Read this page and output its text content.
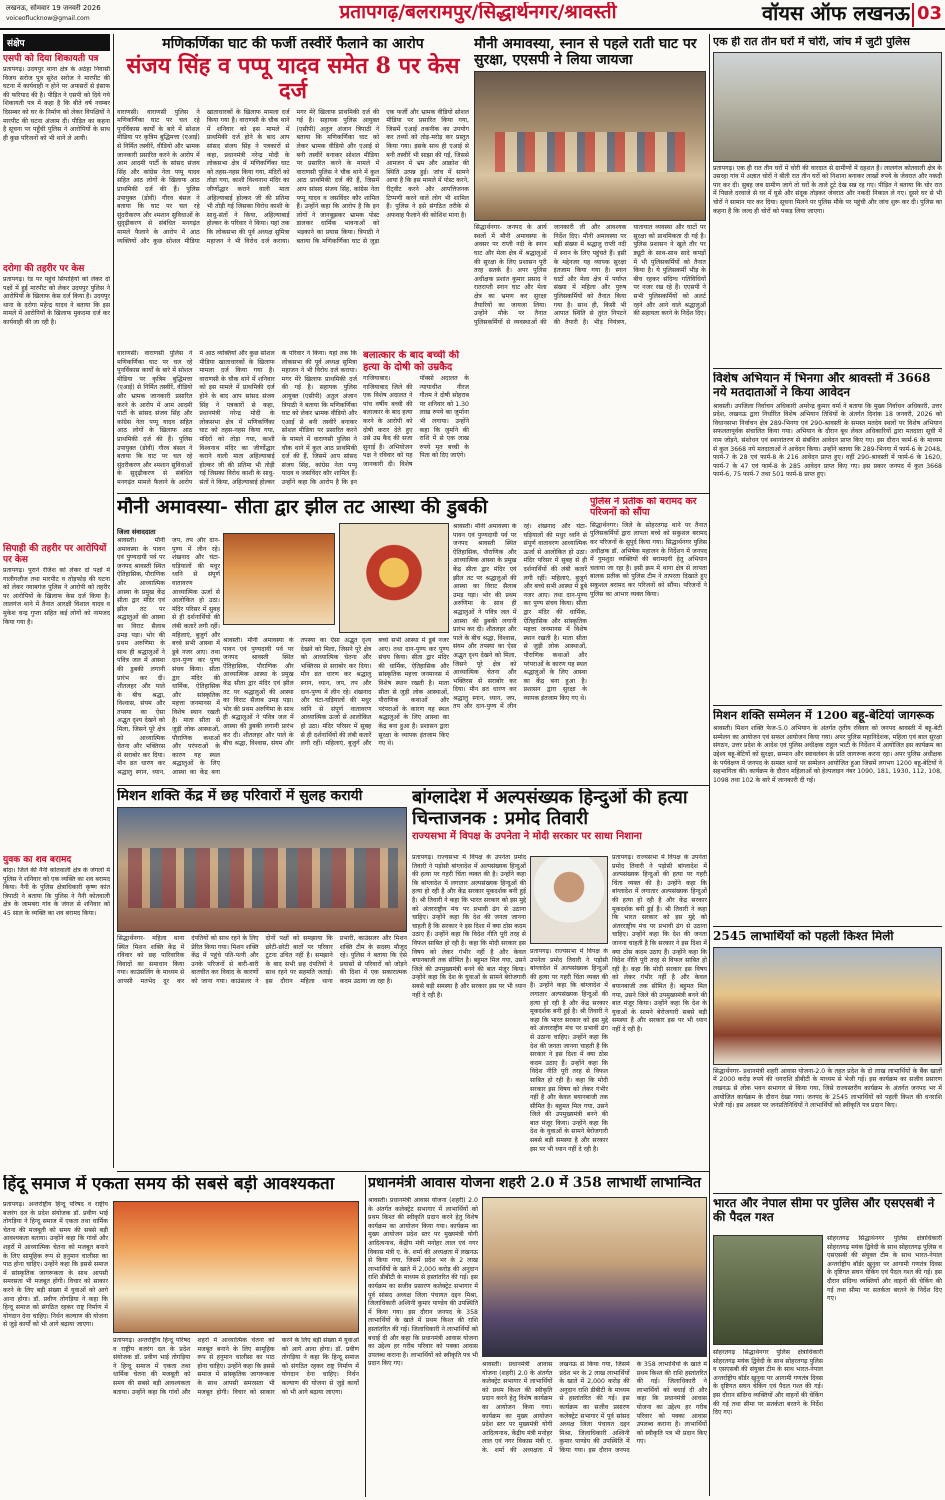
लखनऊ, सोमवार 19 जनवरी 2026
voiceoflucknow@gmail.com	प्रतापगढ़/बलरामपुर/सिद्धार्थनगर/श्रावस्ती	वॉयस ऑफ लखनऊ 03
संक्षेप
एसपी को दिया शिकायती पत्र
प्रतापगढ़। उदयपुर थाना क्षेत्र के अठेहा निवासी विजय सरोज पुत्र सुरेश सरोज ने मारपीट की घटना में कार्यवाही न होने पर अफसरों से इंसाफ की फरियाद की है। पीड़ित ने एसपी को दिये गये शिकायती पत्र में कहा है कि बीते वर्ष नवम्बर दिसम्बर को घर के निर्माण को लेकर विपक्षियों ने मारपीट की घटना अंजाम दी। पीड़ित का कहना है सूचना पर पहुँची पुलिस ने आरोपियों के साथ ही कुछ परिजनों को भी थाने ले आयी।
दरोगा की तहरीर पर केस
प्रतापगढ़। रेड पर पहुंचे सिपाहियों को लेकर दो पक्षों में हुई मारपीट को लेकर उदयपुर पुलिस ने आरोपियों के खिलाफ केस दर्ज किया है। उदयपुर थाना के दरोगा महेन्द्र यादव ने बताया कि इस मामले में आरोपियों के खिलाफ मुकदमा दर्ज कर कार्यवाही की जा रही है।
सिपाही की तहरीर पर आरोपियों पर केस
प्रतापगढ़। पुराने रंजिश को लेकर दो पक्षों में गालीगलौज तथा मारपीट व तोड़फोड़ की घटना को लेकर नवाबगंज पुलिस ने आरोपी को तहरीर पर आरोपियों के खिलाफ केस दर्ज किया है। लालगंज थाने में तैनात आरक्षी विशाल यादव व मुकेश चन्द्र गुप्ता सहित कई लोगों को नामजद किया गया है।
युवक का शव बरामद
बांदा। जिले की नैनी कोतवाली क्षेत्र के जंगलों में पुलिस ने शनिवार को एक व्यक्ति का शव बरामद किया। नैनी के पुलिस क्षेत्राधिकारी कृष्ण कांत त्रिपाठी ने बताया कि पुलिस ने नैनी कोतवाली क्षेत्र के जामबरा गांव के जंगल से शनिवार को 45 साल के व्यक्ति का शव बरामद किया।
मणिकर्णिका घाट की फर्जी तस्वीरें फैलाने का आरोप
संजय सिंह व पप्पू यादव समेत 8 पर केस दर्ज
वाराणसी। वाराणसी पुलिस ने मणिकर्णिका घाट पर चल रहे पुनर्विकास कार्यों के बारे में सोशल मीडिया पर कृत्रिम बुद्धिमत्ता (एआई) से निर्मित तस्वीरें, वीडियो और भ्रामक जानकारी प्रसारित करने के आरोप में आम आदमी पार्टी के सांसद संजय सिंह और कांग्रेस नेता पप्पू यादव सहित आठ लोगों के खिलाफ आठ प्राथमिकी दर्ज की हैं। पुलिस उपायुक्त (डोवी) गौरव बंसल ने बताया कि घाट पर चल रहे सुंदरीकरण और श्मशान सुविधाओं के सुदृढ़ीकरण से संबंधित मनगढ़ंत मामले फैलाने के आरोप में आठ व्यक्तियों और कुछ सोशल मीडिया खाताधारकों के खिलाफ मामला दर्ज किया गया है। वाराणसी के चौक थाने में शनिवार को इस मामले में प्राथमिकी दर्ज होने के बाद आप सांसद संजय सिंह ने पत्रकारों से कहा, प्रधानमंत्री नरेन्द्र मोदी के लोकसभा क्षेत्र में मणिकर्णिका घाट को तहस-नहस किया गया, मंदिरों को तोड़ा गया, काशी विश्वनाथ मंदिर का जीर्णोद्धार कराने वाली माता अहिल्याबाई होल्कर जी की प्रतिमा भी तोड़ी गई जिसका विरोध काशी के साधु-संतों ने किया, अहिल्याबाई होल्कर के परिवार ने किया। यहां तक कि लोकसभा की पूर्व अध्यक्ष सुमित्रा महाजन ने भी विरोध दर्ज कराया। मगर मेरे खिलाफ प्राथमिकी दर्ज की गई है। सहायक पुलिस आयुक्त (एसीपी) अतुल अंजान त्रिपाठी ने बताया कि मणिकर्णिका घाट को लेकर भ्रामक वीडियो और एआई से बनी तस्वीरें बनाकर सोशल मीडिया पर प्रसारित करने के मामले में वाराणसी पुलिस ने चौक थाने में कुल आठ प्राथमिकी दर्ज की हैं, जिसमें आप सांसद संजय सिंह, कांग्रेस नेता पप्पू यादव व जसविंदर कौर शामिल हैं। उन्होंने कहा कि आरोप है कि इन लोगों ने जानबूझकर भ्रामक पोस्ट डालकर धार्मिक भावनाओं को भड़काने का प्रयास किया। त्रिपाठी ने बताया कि मणिकर्णिका घाट से जुड़ा एक फर्जी और भ्रामक वीडियो सोशल मीडिया पर प्रसारित किया गया, जिसमें एआई तकनीक का उपयोग कर तथ्यों को तोड़-मरोड़ कर प्रस्तुत किया गया। इसके साथ ही एआई से बनी तस्वीरें भी साझा की गईं, जिससे आमजन में भ्रम और आक्रोश की स्थिति उत्पन्न हुई। जांच में सामने आया है कि इस मामले में पोस्ट करने, रीट्वीट करने और आपत्तिजनक टिप्पणी करने वाले लोग भी शामिल हैं। पुलिस ने इसे संगठित तरीके से अफवाह फैलाने की कोशिश माना है।
मौनी अमावस्या, स्नान से पहले राती घाट पर सुरक्षा, एएसपी ने लिया जायजा
सिद्धार्थनगर- जनपद के आर्य स्थलों में मौनी अमावस्या के अवसर पर राप्ती नदी के स्नान घाट और मेला क्षेत्र में श्रद्धालुओं की सुरक्षा के लिए प्रशासन पूरी तरह सतर्क है। अपर पुलिस अधीक्षक प्रशांत कुमार प्रसाद ने रातराप्ती स्नान घाट और मेला क्षेत्र का भ्रमण कर सुरक्षा तैयारियों का जायजा लिया। उन्होंने मौके पर तैनात पुलिसकर्मियों से व्यवस्थाओं की जानकारी ली और आवश्यक निर्देश दिए। मौनी अमावस्या पर बड़ी संख्या में श्रद्धालु राप्ती नदी में स्नान के लिए पहुंचते हैं। इसी के मद्देनजर यह व्यापक सुरक्षा इंतजाम किया गया है। स्नान घाटों और मेला क्षेत्र में पर्याप्त संख्या में महिला और पुरुष पुलिसकर्मियों को तैनात किया गया है। साथ ही, किसी भी आपात स्थिति से तुरंत निपटने की तैयारी है। भीड़ नियंत्रण, यातायात व्यवस्था और घाटों पर सुरक्षा को प्राथमिकता दी गई है। पुलिस प्रशासन ने खुले तौर पर ड्यूटी के साथ-साथ सादे कपड़ों में भी पुलिसकर्मियों को तैनात किया है। ये पुलिसकर्मी भीड़ के बीच रहकर संदिग्ध गतिविधियों पर नजर रख रहे हैं। एएसपी ने सभी पुलिसकर्मियों को अलर्ट रहने और आने वाले श्रद्धालुओं की सहायता करने के निर्देश दिए।
बलात्कार के बाद बच्ची की हत्या के दोषी को उम्रकैद
गाजियाबाद। गाजियाबाद जिले की एक विशेष अदालत ने पांच वर्षीय बच्ची की बलात्कार के बाद हत्या करने के आरोपी को दोषी करार देते हुए उसे उम्र कैद की सजा सुनाई है। अभियोजन पक्ष ने रविवार को यह जानकारी दी। विशेष पॉक्सो अदालत के न्यायाधीश नीरज गौतम ने दोषी सोहराब पर शनिवार को 1.30 लाख रुपये का जुर्माना भी लगाया। उन्होंने कहा कि जुर्माने की राशि में से एक लाख रुपये मृत बच्ची के पिता को दिए जाएंगे।
वाराणसी। वाराणसी पुलिस ने मणिकर्णिका घाट पर चल रहे पुनर्विकास कार्यों के बारे में सोशल मीडिया पर कृत्रिम बुद्धिमत्ता (एआई) से निर्मित तस्वीरें, वीडियो और भ्रामक जानकारी प्रसारित करने के आरोप में आम आदमी पार्टी के सांसद संजय सिंह और कांग्रेस नेता पप्पू यादव सहित आठ लोगों के खिलाफ आठ प्राथमिकी दर्ज की हैं। पुलिस उपायुक्त (डोवी) गौरव बंसल ने बताया कि घाट पर चल रहे सुंदरीकरण और श्मशान सुविधाओं के सुदृढ़ीकरण से संबंधित मनगढ़ंत मामले फैलाने के आरोप में आठ व्यक्तियों और कुछ सोशल मीडिया खाताधारकों के खिलाफ मामला दर्ज किया गया है। वाराणसी के चौक थाने में शनिवार को इस मामले में प्राथमिकी दर्ज होने के बाद आप सांसद संजय सिंह ने पत्रकारों से कहा, प्रधानमंत्री नरेन्द्र मोदी के लोकसभा क्षेत्र में मणिकर्णिका घाट को तहस-नहस किया गया, मंदिरों को तोड़ा गया, काशी विश्वनाथ मंदिर का जीर्णोद्धार कराने वाली माता अहिल्याबाई होल्कर जी की प्रतिमा भी तोड़ी गई जिसका विरोध काशी के साधु-संतों ने किया, अहिल्याबाई होल्कर के परिवार ने किया। यहां तक कि लोकसभा की पूर्व अध्यक्ष सुमित्रा महाजन ने भी विरोध दर्ज कराया। मगर मेरे खिलाफ प्राथमिकी दर्ज की गई है। सहायक पुलिस आयुक्त (एसीपी) अतुल अंजान त्रिपाठी ने बताया कि मणिकर्णिका घाट को लेकर भ्रामक वीडियो और एआई से बनी तस्वीरें बनाकर सोशल मीडिया पर प्रसारित करने के मामले में वाराणसी पुलिस ने चौक थाने में कुल आठ प्राथमिकी दर्ज की हैं, जिसमें आप सांसद संजय सिंह, कांग्रेस नेता पप्पू यादव व जसविंदर कौर शामिल हैं। उन्होंने कहा कि आरोप है कि इन
मौनी अमावस्या- सीता द्वार झील तट आस्था की डुबकी
जिला संवाददाता
श्रावस्ती। मौनी अमावस्या के पावन एवं पुण्यदायी पर्व पर जनपद श्रावस्ती स्थित ऐतिहासिक, पौराणिक और आध्यात्मिक आस्था के प्रमुख केंद्र सीता द्वार मंदिर एवं झील तट पर श्रद्धालुओं की आस्था का विराट सैलाब उमड़ पड़ा। भोर की प्रथम अरुणिमा के साथ ही श्रद्धालुओं ने पवित्र जल में आस्था की डुबकी लगानी प्रारंभ कर दी। शीतलहर और पाले के बीच श्रद्धा, विश्वास, संयम और तपस्या का ऐसा अद्भुत दृश्य देखने को मिला, जिसने पूरे क्षेत्र को आध्यात्मिक चेतना और भक्तिरस से सराबोर कर दिया। मौन व्रत धारण कर श्रद्धालु स्नान, ध्यान, जप, तप और दान-पुण्य में लीन रहे। शंखनाद और घंटा-घड़ियालों की मधुर ध्वनि से संपूर्ण वातावरण आध्यात्मिक ऊर्जा से आलोकित हो उठा। मंदिर परिसर में सुबह से ही दर्शनार्थियों की लंबी कतारें लगी रहीं। महिलाएं, बुजुर्ग और बच्चे सभी आस्था में डूबे नजर आए। तथा दान-पुण्य कर पुण्य संचय किया। सीता द्वार मंदिर की धार्मिक, ऐतिहासिक और सांस्कृतिक महत्ता जनमानस में विशेष स्थान रखती है। माता सीता से जुड़ी लोक आस्थाओं, पौराणिक कथाओं और परंपराओं के कारण यह स्थल श्रद्धालुओं के लिए आस्था का केंद्र बना
श्रावस्ती। मौनी अमावस्या के पावन एवं पुण्यदायी पर्व पर जनपद श्रावस्ती स्थित ऐतिहासिक, पौराणिक और आध्यात्मिक आस्था के प्रमुख केंद्र सीता द्वार मंदिर एवं झील तट पर श्रद्धालुओं की आस्था का विराट सैलाब उमड़ पड़ा। भोर की प्रथम अरुणिमा के साथ ही श्रद्धालुओं ने पवित्र जल में आस्था की डुबकी लगानी प्रारंभ कर दी। शीतलहर और पाले के बीच श्रद्धा, विश्वास, संयम और तपस्या का ऐसा अद्भुत दृश्य देखने को मिला, जिसने पूरे क्षेत्र को आध्यात्मिक चेतना और भक्तिरस से सराबोर कर दिया। मौन व्रत धारण कर श्रद्धालु स्नान, ध्यान, जप, तप और दान-पुण्य में लीन रहे। शंखनाद और घंटा-घड़ियालों की मधुर ध्वनि से संपूर्ण वातावरण आध्यात्मिक ऊर्जा से आलोकित हो उठा। मंदिर परिसर में सुबह से ही दर्शनार्थियों की लंबी कतारें लगी रहीं। महिलाएं, बुजुर्ग और बच्चे सभी आस्था में डूबे नजर आए। तथा दान-पुण्य कर पुण्य संचय किया। सीता द्वार मंदिर की धार्मिक, ऐतिहासिक और सांस्कृतिक महत्ता जनमानस में विशेष स्थान रखती है। माता सीता से जुड़ी लोक आस्थाओं, पौराणिक कथाओं और परंपराओं के कारण यह स्थल श्रद्धालुओं के लिए आस्था का केंद्र बना हुआ है। प्रशासन द्वारा सुरक्षा के व्यापक इंतजाम किए गए थे।
श्रावस्ती। मौनी अमावस्या के पावन एवं पुण्यदायी पर्व पर जनपद श्रावस्ती स्थित ऐतिहासिक, पौराणिक और आध्यात्मिक आस्था के प्रमुख केंद्र सीता द्वार मंदिर एवं झील तट पर श्रद्धालुओं की आस्था का विराट सैलाब उमड़ पड़ा। भोर की प्रथम अरुणिमा के साथ ही श्रद्धालुओं ने पवित्र जल में आस्था की डुबकी लगानी प्रारंभ कर दी। शीतलहर और पाले के बीच श्रद्धा, विश्वास, संयम और तपस्या का ऐसा अद्भुत दृश्य देखने को मिला, जिसने पूरे क्षेत्र को आध्यात्मिक चेतना और भक्तिरस से सराबोर कर दिया। मौन व्रत धारण कर श्रद्धालु स्नान, ध्यान, जप, तप और दान-पुण्य में लीन रहे। शंखनाद और घंटा-घड़ियालों की मधुर ध्वनि से संपूर्ण वातावरण आध्यात्मिक ऊर्जा से आलोकित हो उठा। मंदिर परिसर में सुबह से ही दर्शनार्थियों की लंबी कतारें लगी रहीं। महिलाएं, बुजुर्ग और बच्चे सभी आस्था में डूबे नजर आए। तथा दान-पुण्य कर पुण्य संचय किया। सीता द्वार मंदिर की धार्मिक, ऐतिहासिक और सांस्कृतिक महत्ता जनमानस में विशेष स्थान रखती है। माता सीता से जुड़ी लोक आस्थाओं, पौराणिक कथाओं और परंपराओं के कारण यह स्थल श्रद्धालुओं के लिए आस्था का केंद्र बना हुआ है। प्रशासन द्वारा सुरक्षा के व्यापक इंतजाम किए गए थे।
पुलिस ने प्रतीक को बरामद कर परिजनों को सौंपा
सिद्धार्थनगर। जिले के सोहरतगढ़ थाने पर तैनात पुलिसकर्मियों द्वारा लापता बच्चे को सकुशल बरामद कर परिजनों के सुपुर्द किया गया। सिद्धार्थनगर पुलिस अधीक्षक डॉ. अभिषेक महाजन के निर्देशन में जनपद में गुमशुदा व्यक्तियों की बरामदगी हेतु अभियान चलाया जा रहा है। इसी क्रम में थाना क्षेत्र से लापता बालक प्रतीक को पुलिस टीम ने तत्परता दिखाते हुए सकुशल बरामद कर परिजनों को सौंपा। परिजनों ने पुलिस का आभार व्यक्त किया।
मिशन शक्ति केंद्र में छह परिवारों में सुलह करायी
सिद्धार्थनगर- महिला थाना स्थित मिशन शक्ति केंद्र में रविवार को छह पारिवारिक विवादों का समाधान किया गया। काउंसलिंग के माध्यम से आपसी मतभेद दूर कर दंपतियों को साथ रहने के लिए प्रेरित किया गया। मिशन शक्ति केंद्र में पहुंचे पति-पत्नी और उनके परिजनों से बारी-बारी बातचीत कर विवाद के कारणों को जाना गया। काउंसलर ने दोनों पक्षों को समझाया कि छोटी-छोटी बातों पर परिवार टूटना उचित नहीं है। समझाने के बाद सभी छह दंपतियों ने साथ रहने पर सहमति जताई। इस दौरान महिला थाना प्रभारी, काउंसलर और मिशन शक्ति टीम के सदस्य मौजूद रहे। पुलिस ने बताया कि ऐसे प्रयासों से परिवारों को जोड़ने की दिशा में एक सकारात्मक कदम उठाया जा रहा है।
बांग्लादेश में अल्पसंख्यक हिन्दुओं की हत्या चिन्ताजनक : प्रमोद तिवारी
राज्यसभा में विपक्ष के उपनेता ने मोदी सरकार पर साधा निशाना
प्रतापगढ़। राज्यसभा में विपक्ष के उपनेता प्रमोद तिवारी ने पड़ोसी बांग्लादेश में अल्पसंख्यक हिन्दुओं की हत्या पर गहरी चिंता व्यक्त की है। उन्होंने कहा कि बांग्लादेश में लगातार अल्पसंख्यक हिन्दुओं की हत्या हो रही है और केंद्र सरकार मूकदर्शक बनी हुई है। श्री तिवारी ने कहा कि भारत सरकार को इस मुद्दे को अंतरराष्ट्रीय मंच पर प्रभावी ढंग से उठाना चाहिए। उन्होंने कहा कि देश की जनता जानना चाहती है कि सरकार ने इस दिशा में क्या ठोस कदम उठाए हैं। उन्होंने कहा कि विदेश नीति पूरी तरह से विफल साबित हो रही है। कहा कि मोदी सरकार इस विषय को लेकर गंभीर नहीं है और केवल बयानबाजी तक सीमित है। बहुमत मिल गया, उसने जिले की उपमुख्यमंत्री बनने की बात मंजूर किया। उन्होंने कहा कि देश के युवाओं के सामने बेरोजगारी सबसे बड़ी समस्या है और सरकार इस पर भी ध्यान नहीं दे रही है।
प्रतापगढ़। राज्यसभा में विपक्ष के उपनेता प्रमोद तिवारी ने पड़ोसी बांग्लादेश में अल्पसंख्यक हिन्दुओं की हत्या पर गहरी चिंता व्यक्त की है। उन्होंने कहा कि बांग्लादेश में लगातार अल्पसंख्यक हिन्दुओं की हत्या हो रही है और केंद्र सरकार मूकदर्शक बनी हुई है। श्री तिवारी ने कहा कि भारत सरकार को इस मुद्दे को अंतरराष्ट्रीय मंच पर प्रभावी ढंग से उठाना चाहिए। उन्होंने कहा कि देश की जनता जानना चाहती है कि सरकार ने इस दिशा में क्या ठोस कदम उठाए हैं। उन्होंने कहा कि विदेश नीति पूरी तरह से विफल साबित हो रही है। कहा कि मोदी सरकार इस विषय को लेकर गंभीर नहीं है और केवल बयानबाजी तक सीमित है। बहुमत मिल गया, उसने जिले की उपमुख्यमंत्री बनने की बात मंजूर किया। उन्होंने कहा कि देश के युवाओं के सामने बेरोजगारी सबसे बड़ी समस्या है और सरकार इस पर भी ध्यान नहीं दे रही है।
प्रतापगढ़। राज्यसभा में विपक्ष के उपनेता प्रमोद तिवारी ने पड़ोसी बांग्लादेश में अल्पसंख्यक हिन्दुओं की हत्या पर गहरी चिंता व्यक्त की है। उन्होंने कहा कि बांग्लादेश में लगातार अल्पसंख्यक हिन्दुओं की हत्या हो रही है और केंद्र सरकार मूकदर्शक बनी हुई है। श्री तिवारी ने कहा कि भारत सरकार को इस मुद्दे को अंतरराष्ट्रीय मंच पर प्रभावी ढंग से उठाना चाहिए। उन्होंने कहा कि देश की जनता जानना चाहती है कि सरकार ने इस दिशा में क्या ठोस कदम उठाए हैं। उन्होंने कहा कि विदेश नीति पूरी तरह से विफल साबित हो रही है। कहा कि मोदी सरकार इस विषय को लेकर गंभीर नहीं है और केवल बयानबाजी तक सीमित है। बहुमत मिल गया, उसने जिले की उपमुख्यमंत्री बनने की बात मंजूर किया। उन्होंने कहा कि देश के युवाओं के सामने बेरोजगारी सबसे बड़ी समस्या है और सरकार इस पर भी ध्यान नहीं दे रही है।
हिंदू समाज में एकता समय की सबसे बड़ी आवश्यकता
प्रतापगढ़। अन्तर्राष्ट्रीय हिन्दू परिषद व राष्ट्रीय बजरंग दल के प्रदेश संयोजक डॉ. प्रवीण भाई तोगड़िया ने हिन्दू समाज में एकता तथा धार्मिक चेतना की मजबूती को समय की सबसे बड़ी आवश्यकता बताया। उन्होंने कहा कि गांवों और शहरों में आध्यात्मिक चेतना को मजबूत बनाने के लिए सामूहिक रूप से हनुमान चालीसा का पाठ होना चाहिए। उन्होंने कहा कि इससे समाज में सांस्कृतिक जागरूकता के साथ आपसी समरसता भी मजबूत होगी। विचार को साकार करने के लिए बड़ी संख्या में युवाओं को आगे आना होगा। डॉ. प्रवीण तोगड़िया ने कहा कि हिन्दू समाज को संगठित रहकर राष्ट्र निर्माण में योगदान देना चाहिए। निर्धन कल्याण की योजना से जुड़े कार्यों को भी आगे बढ़ाया जाएगा।
प्रतापगढ़। अन्तर्राष्ट्रीय हिन्दू परिषद व राष्ट्रीय बजरंग दल के प्रदेश संयोजक डॉ. प्रवीण भाई तोगड़िया ने हिन्दू समाज में एकता तथा धार्मिक चेतना की मजबूती को समय की सबसे बड़ी आवश्यकता बताया। उन्होंने कहा कि गांवों और शहरों में आध्यात्मिक चेतना को मजबूत बनाने के लिए सामूहिक रूप से हनुमान चालीसा का पाठ होना चाहिए। उन्होंने कहा कि इससे समाज में सांस्कृतिक जागरूकता के साथ आपसी समरसता भी मजबूत होगी। विचार को साकार करने के लिए बड़ी संख्या में युवाओं को आगे आना होगा। डॉ. प्रवीण तोगड़िया ने कहा कि हिन्दू समाज को संगठित रहकर राष्ट्र निर्माण में योगदान देना चाहिए। निर्धन कल्याण की योजना से जुड़े कार्यों को भी आगे बढ़ाया जाएगा।
प्रधानमंत्री आवास योजना शहरी 2.0 में 358 लाभार्थी लाभान्वित
श्रावस्ती। प्रधानमंत्री आवास योजना (शहरी) 2.0 के अंतर्गत कलेक्ट्रेट सभागार में लाभार्थियों को प्रथम किश्त की स्वीकृति प्रदान करने हेतु विशेष कार्यक्रम का आयोजन किया गया। कार्यक्रम का मुख्य आयोजन प्रदेश स्तर पर मुख्यमंत्री योगी आदित्यनाथ, केंद्रीय मंत्री मनोहर लाल एवं नगर विकास मंत्री ए. के. शर्मा की अध्यक्षता में लखनऊ से किया गया, जिसमें प्रदेश भर के 2 लाख लाभार्थियों के खाते में 2,000 करोड़ की अनुदान राशि डीबीटी के माध्यम से हस्तांतरित की गई। इस कार्यक्रम का सजीव प्रसारण कलेक्ट्रेट सभागार में पूर्व सांसद अध्यक्ष जिला पंचायत दद्दन मिश्रा, जिलाधिकारी अश्विनी कुमार पाण्डेय की उपस्थिति में किया गया। इस दौरान जनपद के 358 लाभार्थियों के खाते में प्रथम किश्त की राशि हस्तांतरित की गई। जिलाधिकारी ने लाभार्थियों को बधाई दी और कहा कि प्रधानमंत्री आवास योजना का उद्देश्य हर गरीब परिवार को पक्का आवास उपलब्ध कराना है। लाभार्थियों को स्वीकृति पत्र भी प्रदान किए गए।	श्रावस्ती। प्रधानमंत्री आवास योजना (शहरी) 2.0 के अंतर्गत कलेक्ट्रेट सभागार में लाभार्थियों को प्रथम किश्त की स्वीकृति प्रदान करने हेतु विशेष कार्यक्रम का आयोजन किया गया। कार्यक्रम का मुख्य आयोजन प्रदेश स्तर पर मुख्यमंत्री योगी आदित्यनाथ, केंद्रीय मंत्री मनोहर लाल एवं नगर विकास मंत्री ए. के. शर्मा की अध्यक्षता में लखनऊ से किया गया, जिसमें प्रदेश भर के 2 लाख लाभार्थियों के खाते में 2,000 करोड़ की अनुदान राशि डीबीटी के माध्यम से हस्तांतरित की गई। इस कार्यक्रम का सजीव प्रसारण कलेक्ट्रेट सभागार में पूर्व सांसद अध्यक्ष जिला पंचायत दद्दन मिश्रा, जिलाधिकारी अश्विनी कुमार पाण्डेय की उपस्थिति में किया गया। इस दौरान जनपद के 358 लाभार्थियों के खाते में प्रथम किश्त की राशि हस्तांतरित की गई। जिलाधिकारी ने लाभार्थियों को बधाई दी और कहा कि प्रधानमंत्री आवास योजना का उद्देश्य हर गरीब परिवार को पक्का आवास उपलब्ध कराना है। लाभार्थियों को स्वीकृति पत्र भी प्रदान किए गए।
एक ही रात तीन घरों में चोरी, जांच में जुटी पुलिस
प्रतापगढ़। एक ही रात तीन घरों में चोरी की वारदात से ग्रामीणों में दहशत है। लालगंज कोतवाली क्षेत्र के उसरहा गांव में अज्ञात चोरों ने बीती रात तीन घरों को निशाना बनाकर लाखों रुपये के जेवरात और नकदी पार कर दी। सुबह जब ग्रामीण जागे तो घरों के ताले टूटे देख सन्न रह गए। पीड़ित ने बताया कि चोर रात में पिछले दरवाजे से घर में घुसे और संदूक तोड़कर जेवरात और नकदी निकाल ले गए। दूसरे घर से भी चोरों ने सामान पार कर दिया। सूचना मिलने पर पुलिस मौके पर पहुंची और जांच शुरू कर दी। पुलिस का कहना है कि जल्द ही चोरों को पकड़ लिया जाएगा।
विशेष अभियान में भिनगा और श्रावस्ती में 3668 नये मतदाताओं ने किया आवेदन
श्रावस्ती। उपजिला निर्वाचन अधिकारी अमरेन्द्र कुमार वर्मा ने बताया कि मुख्य निर्वाचन अधिकारी, उत्तर प्रदेश, लखनऊ द्वारा निर्धारित विशेष अभियान तिथियों के अंतर्गत दिनांक 18 जनवरी, 2026 को विधानसभा निर्वाचन क्षेत्र 289-भिनगा एवं 290-श्रावस्ती के समस्त मतदेय स्थलों पर विशेष अभियान सफलतापूर्वक संचालित किया गया। अभियान के दौरान बूथ लेवल अधिकारियों द्वारा मतदाता सूची में नाम जोड़ने, संशोधन एवं स्थानांतरण से संबंधित आवेदन प्राप्त किए गए। इस दौरान फार्म-6 के माध्यम से कुल 3668 नये मतदाताओं ने आवेदन किया। उन्होंने बताया कि 289-भिनगा में फार्म-6 के 2048, फार्म-7 के 28 एवं फार्म-8 के 216 आवेदन प्राप्त हुए। वहीं 290-श्रावस्ती में फार्म-6 के 1620, फार्म-7 के 47 एवं फार्म-8 के 285 आवेदन प्राप्त किए गए। इस प्रकार जनपद में कुल 3668 फार्म-6, 75 फार्म-7 तथा 501 फार्म-8 प्राप्त हुए।
मिशन शक्ति सम्मेलन में 1200 बहू-बेटियां जागरूक
श्रावस्ती। मिशन शक्ति फेज-5.0 अभियान के अंतर्गत तृतीय रविवार को जनपद श्रावस्ती में बहू-बेटी सम्मेलन का आयोजन एवं सफल आयोजन किया गया। अपर पुलिस महानिदेशक, महिला एवं बाल सुरक्षा संगठन, उत्तर प्रदेश के आदेश एवं पुलिस अधीक्षक राहुल भाटी के निर्देशन में आयोजित इस कार्यक्रम का उद्देश्य बहू-बेटियों को सुरक्षा, सम्मान और स्वावलंबन के प्रति जागरूक करना रहा। अपर पुलिस अधीक्षक के पर्यवेक्षण में जनपद के समस्त थानों पर सम्मेलन आयोजित हुआ जिसमें लगभग 1200 बहू-बेटियों ने सहभागिता की। कार्यक्रम के दौरान महिलाओं को हेल्पलाइन नंबर 1090, 181, 1930, 112, 108, 1098 तथा 102 के बारे में जानकारी दी गई।
2545 लाभार्थियों को पहली किश्त मिली
सिद्धार्थनगर- प्रधानमंत्री शहरी आवास योजना-2.0 के तहत प्रदेश के दो लाख लाभार्थियों के बैंक खातों में 2000 करोड़ रुपये की धनराशि डीबीटी के माध्यम से भेजी गई। इस कार्यक्रम का सजीव प्रसारण लखनऊ से लोक भवन सभागार से किया गया, जिसे राज्यस्तरीय कार्यक्रम के अंतर्गत जनपद भर में आयोजित कार्यक्रम के दौरान देखा गया। जनपद के 2545 लाभार्थियों को पहली किश्त की धनराशि भेजी गई। इस अवसर पर जनप्रतिनिधियों ने लाभार्थियों को स्वीकृति पत्र प्रदान किए।
भारत और नेपाल सीमा पर पुलिस और एसएसबी ने की पैदल गश्त
सोहरतगढ़ सिद्धार्थनगर पुलिस क्षेत्राधिकारी सोहरतगढ़ मयंक द्विवेदी के साथ सोहरतगढ़ पुलिस व एसएसबी की संयुक्त टीम के साथ भारत-नेपाल अन्तर्राष्ट्रीय बॉर्डर खुनुवा पर आगामी गणतंत्र दिवस के दृष्टिगत सघन चेकिंग एवं पैदल गश्त की गई। इस दौरान संदिग्ध व्यक्तियों और वाहनों की चेकिंग की गई तथा सीमा पर सतर्कता बरतने के निर्देश दिए गए।
सोहरतगढ़ सिद्धार्थनगर पुलिस क्षेत्राधिकारी सोहरतगढ़ मयंक द्विवेदी के साथ सोहरतगढ़ पुलिस व एसएसबी की संयुक्त टीम के साथ भारत-नेपाल अन्तर्राष्ट्रीय बॉर्डर खुनुवा पर आगामी गणतंत्र दिवस के दृष्टिगत सघन चेकिंग एवं पैदल गश्त की गई। इस दौरान संदिग्ध व्यक्तियों और वाहनों की चेकिंग की गई तथा सीमा पर सतर्कता बरतने के निर्देश दिए गए।
